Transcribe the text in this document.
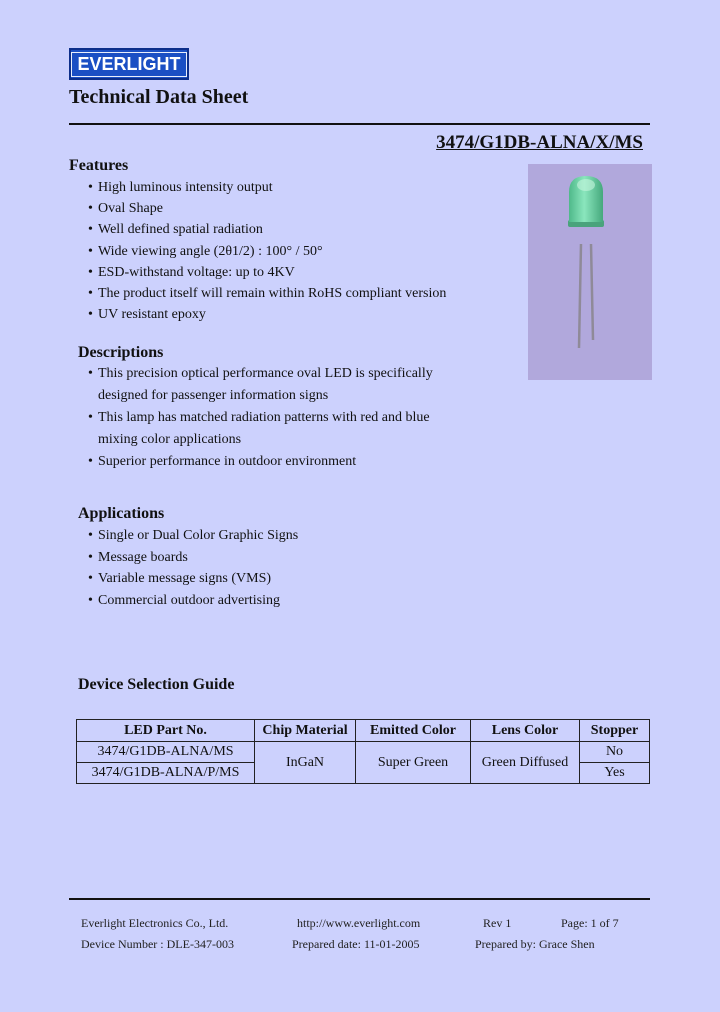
EVERLIGHT
Technical Data Sheet
3474/G1DB-ALNA/X/MS
Features
• High luminous intensity output
• Oval Shape
• Well defined spatial radiation
• Wide viewing angle (2θ1/2) : 100° / 50°
• ESD-withstand voltage: up to 4KV
• The product itself will remain within RoHS compliant version
• UV resistant epoxy
Descriptions
• This precision optical performance oval LED is specifically designed for passenger information signs
• This lamp has matched radiation patterns with red and blue mixing color applications
• Superior performance in outdoor environment
Applications
• Single or Dual Color Graphic Signs
• Message boards
• Variable message signs (VMS)
• Commercial outdoor advertising
Device Selection Guide
LED Part No.	Chip Material	Emitted Color	Lens Color	Stopper
3474/G1DB-ALNA/MS	InGaN	Super Green	Green Diffused	No
3474/G1DB-ALNA/P/MS				Yes
Everlight Electronics Co., Ltd.	http://www.everlight.com	Rev 1	Page: 1 of 7
Device Number : DLE-347-003	Prepared date: 11-01-2005	Prepared by: Grace Shen
